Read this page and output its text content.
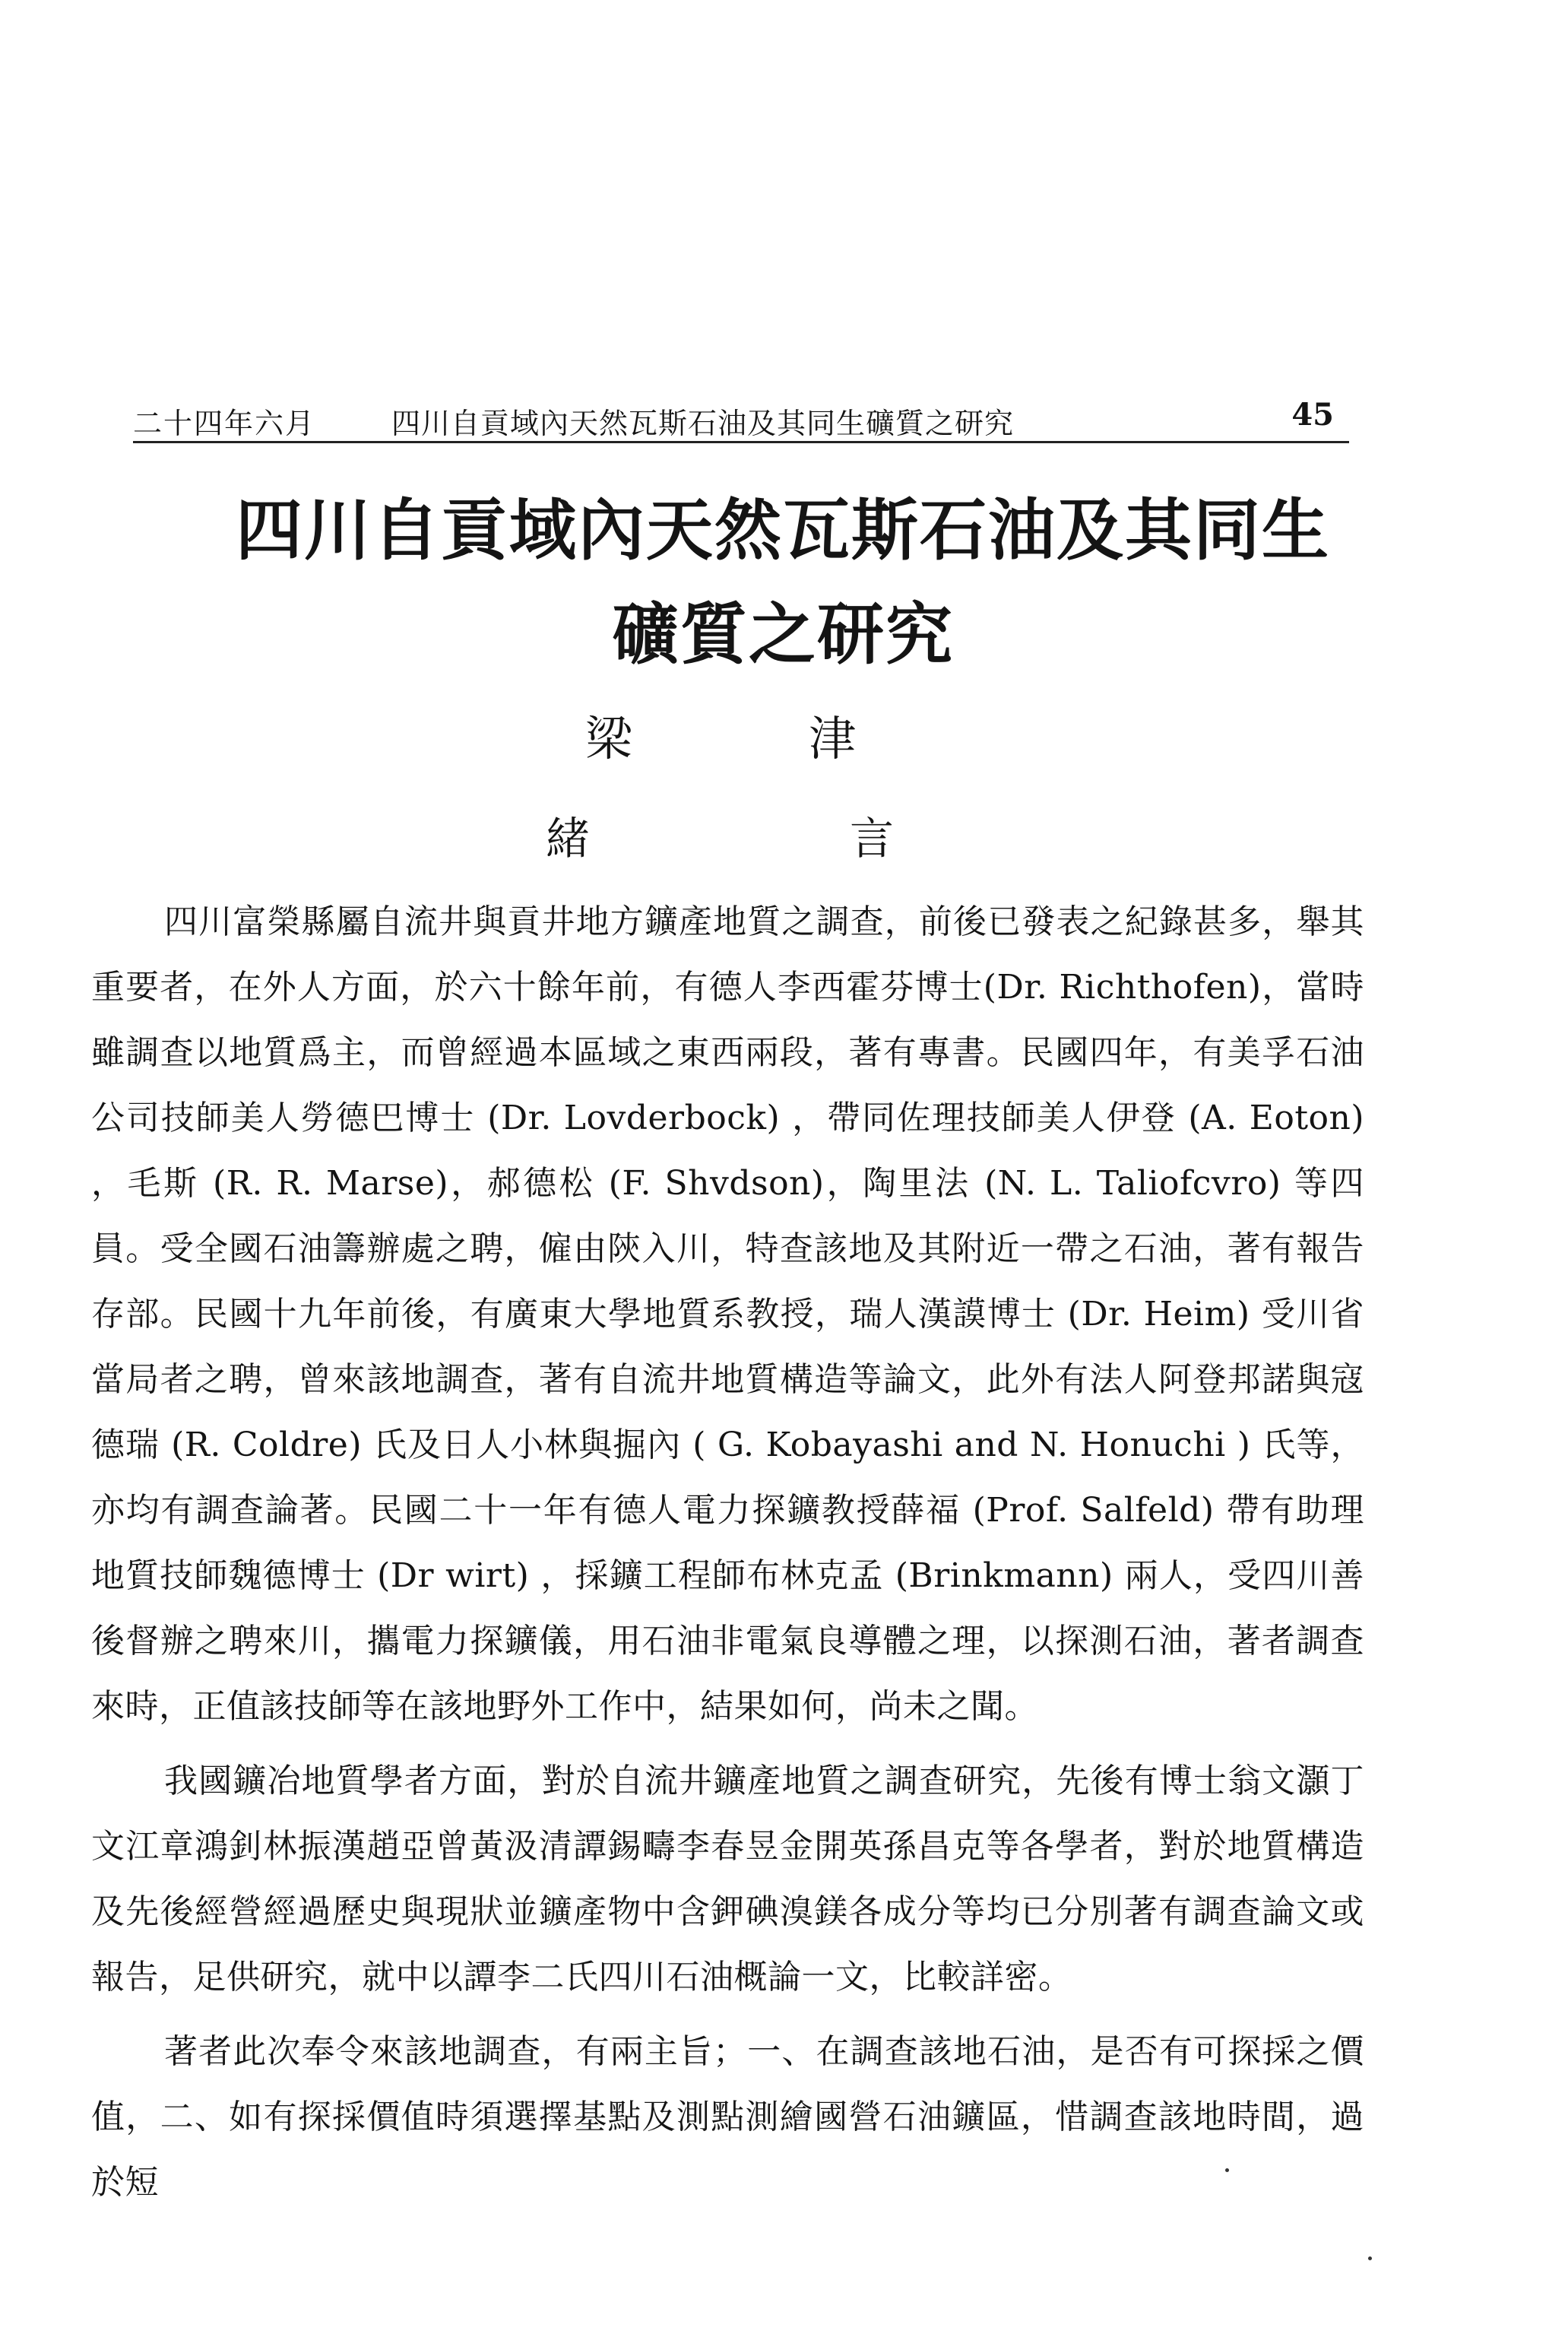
二十四年六月	四川自貢域內天然瓦斯石油及其同生礦質之研究	45
四川自貢域內天然瓦斯石油及其同生
礦質之研究
梁	津
緒	言

四川富榮縣屬自流井與貢井地方鑛產地質之調查，前後已發表之紀錄甚多，舉其重要者，在外人方面，於六十餘年前，有德人李西霍芬博士(Dr. Richthofen)，當時雖調查以地質爲主，而曾經過本區域之東西兩段，著有專書。民國四年，有美孚石油公司技師美人勞德巴博士 (Dr. Lovderbock) ，帶同佐理技師美人伊登 (A. Eoton) ，毛斯 (R. R. Marse)，郝德松 (F. Shvdson)，陶里法 (N. L. Taliofcvro) 等四員。受全國石油籌辦處之聘，僱由陝入川，特查該地及其附近一帶之石油，著有報告存部。民國十九年前後，有廣東大學地質系教授，瑞人漢謨博士 (Dr. Heim) 受川省當局者之聘，曾來該地調查，著有自流井地質構造等論文，此外有法人阿登邦諾與寇德瑞 (R. Coldre) 氏及日人小林與掘內 ( G. Kobayashi and N. Honuchi ) 氏等，亦均有調查論著。民國二十一年有德人電力探鑛教授薛福 (Prof. Salfeld) 帶有助理地質技師魏德博士 (Dr wirt) ，採鑛工程師布林克孟 (Brinkmann) 兩人，受四川善後督辦之聘來川，攜電力探鑛儀，用石油非電氣良導體之理，以探測石油，著者調查來時，正值該技師等在該地野外工作中，結果如何，尚未之聞。

我國鑛冶地質學者方面，對於自流井鑛產地質之調查研究，先後有博士翁文灝丁文江章鴻釗林振漢趙亞曾黃汲清譚錫疇李春昱金開英孫昌克等各學者，對於地質構造及先後經營經過歷史與現狀並鑛產物中含鉀碘溴鎂各成分等均已分別著有調查論文或報告，足供研究，就中以譚李二氏四川石油概論一文，比較詳密。

著者此次奉令來該地調查，有兩主旨；一、在調查該地石油，是否有可探採之價值，二、如有探採價值時須選擇基點及測點測繪國營石油鑛區，惜調查該地時間，過於短
